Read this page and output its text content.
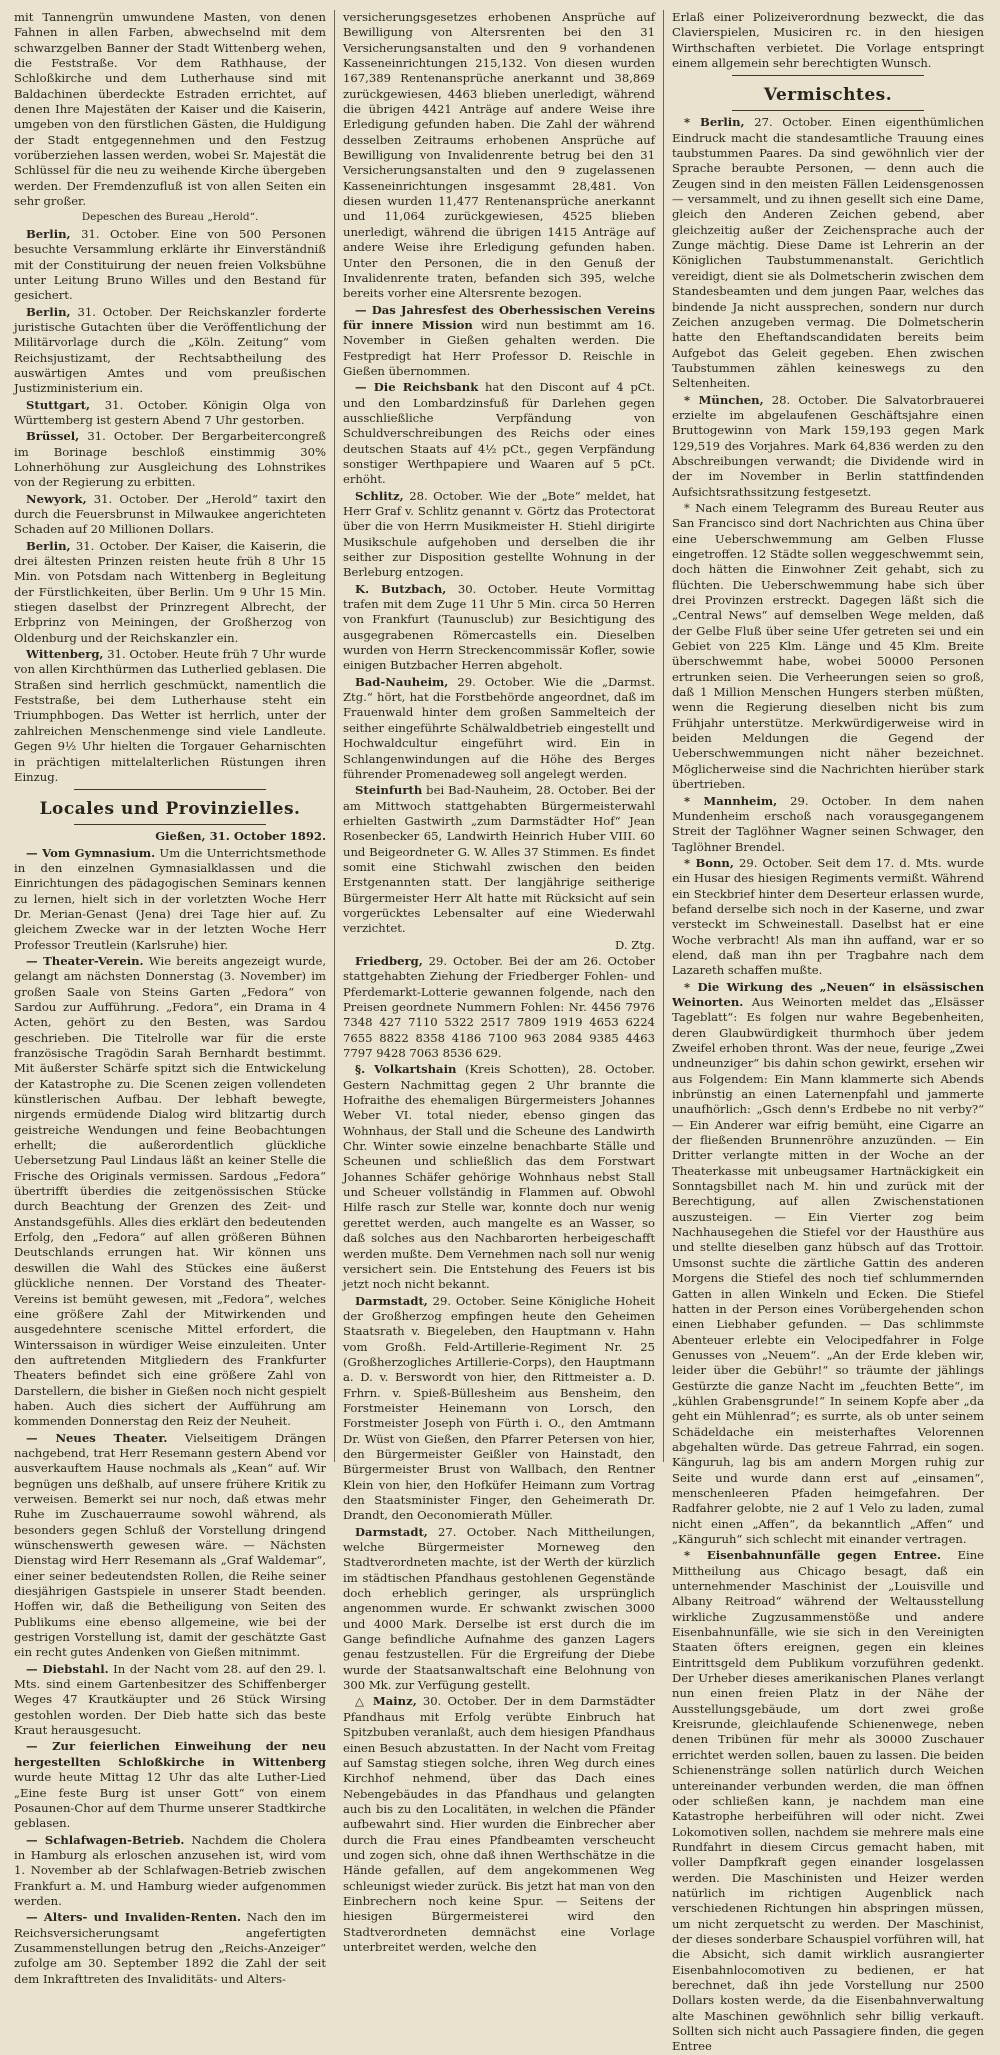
mit Tannengrün umwundene Masten, von denen Fahnen in allen Farben, abwechselnd mit dem schwarzgelben Banner der Stadt Wittenberg wehen, die Feststraße. Vor dem Rathhause, der Schloßkirche und dem Lutherhause sind mit Baldachinen überdeckte Estraden errichtet, auf denen Ihre Majestäten der Kaiser und die Kaiserin, umgeben von den fürstlichen Gästen, die Huldigung der Stadt entgegennehmen und den Festzug vorüberziehen lassen werden, wobei Sr. Majestät die Schlüssel für die neu zu weihende Kirche übergeben werden. Der Fremdenzufluß ist von allen Seiten ein sehr großer.

Depeschen des Bureau „Herold“.

Berlin, 31. October. Eine von 500 Personen besuchte Versammlung erklärte ihr Einverständniß mit der Constituirung der neuen freien Volksbühne unter Leitung Bruno Willes und den Bestand für gesichert.

Berlin, 31. October. Der Reichskanzler forderte juristische Gutachten über die Veröffentlichung der Militärvorlage durch die „Köln. Zeitung“ vom Reichsjustizamt, der Rechtsabtheilung des auswärtigen Amtes und vom preußischen Justizministerium ein.

Stuttgart, 31. October. Königin Olga von Württemberg ist gestern Abend 7 Uhr gestorben.

Brüssel, 31. October. Der Bergarbeitercongreß im Borinage beschloß einstimmig 30% Lohnerhöhung zur Ausgleichung des Lohnstrikes von der Regierung zu erbitten.

Newyork, 31. October. Der „Herold“ taxirt den durch die Feuersbrunst in Milwaukee angerichteten Schaden auf 20 Millionen Dollars.

Berlin, 31. October. Der Kaiser, die Kaiserin, die drei ältesten Prinzen reisten heute früh 8 Uhr 15 Min. von Potsdam nach Wittenberg in Begleitung der Fürstlichkeiten, über Berlin. Um 9 Uhr 15 Min. stiegen daselbst der Prinzregent Albrecht, der Erbprinz von Meiningen, der Großherzog von Oldenburg und der Reichskanzler ein.

Wittenberg, 31. October. Heute früh 7 Uhr wurde von allen Kirchthürmen das Lutherlied geblasen. Die Straßen sind herrlich geschmückt, namentlich die Feststraße, bei dem Lutherhause steht ein Triumphbogen. Das Wetter ist herrlich, unter der zahlreichen Menschenmenge sind viele Landleute. Gegen 9½ Uhr hielten die Torgauer Geharnischten in prächtigen mittelalterlichen Rüstungen ihren Einzug.

Locales und Provinzielles.

Gießen, 31. October 1892.

— Vom Gymnasium. Um die Unterrichtsmethode in den einzelnen Gymnasialklassen und die Einrichtungen des pädagogischen Seminars kennen zu lernen, hielt sich in der vorletzten Woche Herr Dr. Merian-Genast (Jena) drei Tage hier auf. Zu gleichem Zwecke war in der letzten Woche Herr Professor Treutlein (Karlsruhe) hier.

— Theater-Verein. Wie bereits angezeigt wurde, gelangt am nächsten Donnerstag (3. November) im großen Saale von Steins Garten „Fedora“ von Sardou zur Aufführung. „Fedora“, ein Drama in 4 Acten, gehört zu den Besten, was Sardou geschrieben. Die Titelrolle war für die erste französische Tragödin Sarah Bernhardt bestimmt. Mit äußerster Schärfe spitzt sich die Entwickelung der Katastrophe zu. Die Scenen zeigen vollendeten künstlerischen Aufbau. Der lebhaft bewegte, nirgends ermüdende Dialog wird blitzartig durch geistreiche Wendungen und feine Beobachtungen erhellt; die außerordentlich glückliche Uebersetzung Paul Lindaus läßt an keiner Stelle die Frische des Originals vermissen. Sardous „Fedora“ übertrifft überdies die zeitgenössischen Stücke durch Beachtung der Grenzen des Zeit- und Anstandsgefühls. Alles dies erklärt den bedeutenden Erfolg, den „Fedora“ auf allen größeren Bühnen Deutschlands errungen hat. Wir können uns deswillen die Wahl des Stückes eine äußerst glückliche nennen. Der Vorstand des Theater-Vereins ist bemüht gewesen, mit „Fedora“, welches eine größere Zahl der Mitwirkenden und ausgedehntere scenische Mittel erfordert, die Winterssaison in würdiger Weise einzuleiten. Unter den auftretenden Mitgliedern des Frankfurter Theaters befindet sich eine größere Zahl von Darstellern, die bisher in Gießen noch nicht gespielt haben. Auch dies sichert der Aufführung am kommenden Donnerstag den Reiz der Neuheit.

— Neues Theater. Vielseitigem Drängen nachgebend, trat Herr Resemann gestern Abend vor ausverkauftem Hause nochmals als „Kean“ auf. Wir begnügen uns deßhalb, auf unsere frühere Kritik zu verweisen. Bemerkt sei nur noch, daß etwas mehr Ruhe im Zuschauerraume sowohl während, als besonders gegen Schluß der Vorstellung dringend wünschenswerth gewesen wäre. — Nächsten Dienstag wird Herr Resemann als „Graf Waldemar“, einer seiner bedeutendsten Rollen, die Reihe seiner diesjährigen Gastspiele in unserer Stadt beenden. Hoffen wir, daß die Betheiligung von Seiten des Publikums eine ebenso allgemeine, wie bei der gestrigen Vorstellung ist, damit der geschätzte Gast ein recht gutes Andenken von Gießen mitnimmt.

— Diebstahl. In der Nacht vom 28. auf den 29. l. Mts. sind einem Gartenbesitzer des Schiffenberger Weges 47 Krautkäupter und 26 Stück Wirsing gestohlen worden. Der Dieb hatte sich das beste Kraut herausgesucht.

— Zur feierlichen Einweihung der neu hergestellten Schloßkirche in Wittenberg wurde heute Mittag 12 Uhr das alte Luther-Lied „Eine feste Burg ist unser Gott“ von einem Posaunen-Chor auf dem Thurme unserer Stadtkirche geblasen.

— Schlafwagen-Betrieb. Nachdem die Cholera in Hamburg als erloschen anzusehen ist, wird vom 1. November ab der Schlafwagen-Betrieb zwischen Frankfurt a. M. und Hamburg wieder aufgenommen werden.

— Alters- und Invaliden-Renten. Nach den im Reichsversicherungsamt angefertigten Zusammenstellungen betrug den „Reichs-Anzeiger“ zufolge am 30. September 1892 die Zahl der seit dem Inkrafttreten des Invaliditäts- und Alters-

versicherungsgesetzes erhobenen Ansprüche auf Bewilligung von Altersrenten bei den 31 Versicherungsanstalten und den 9 vorhandenen Kasseneinrichtungen 215,132. Von diesen wurden 167,389 Rentenansprüche anerkannt und 38,869 zurückgewiesen, 4463 blieben unerledigt, während die übrigen 4421 Anträge auf andere Weise ihre Erledigung gefunden haben. Die Zahl der während desselben Zeitraums erhobenen Ansprüche auf Bewilligung von Invalidenrente betrug bei den 31 Versicherungsanstalten und den 9 zugelassenen Kasseneinrichtungen insgesammt 28,481. Von diesen wurden 11,477 Rentenansprüche anerkannt und 11,064 zurückgewiesen, 4525 blieben unerledigt, während die übrigen 1415 Anträge auf andere Weise ihre Erledigung gefunden haben. Unter den Personen, die in den Genuß der Invalidenrente traten, befanden sich 395, welche bereits vorher eine Altersrente bezogen.

— Das Jahresfest des Oberhessischen Vereins für innere Mission wird nun bestimmt am 16. November in Gießen gehalten werden. Die Festpredigt hat Herr Professor D. Reischle in Gießen übernommen.

— Die Reichsbank hat den Discont auf 4 pCt. und den Lombardzinsfuß für Darlehen gegen ausschließliche Verpfändung von Schuldverschreibungen des Reichs oder eines deutschen Staats auf 4½ pCt., gegen Verpfändung sonstiger Werthpapiere und Waaren auf 5 pCt. erhöht.

Schlitz, 28. October. Wie der „Bote“ meldet, hat Herr Graf v. Schlitz genannt v. Görtz das Protectorat über die von Herrn Musikmeister H. Stiehl dirigirte Musikschule aufgehoben und derselben die ihr seither zur Disposition gestellte Wohnung in der Berleburg entzogen.

K. Butzbach, 30. October. Heute Vormittag trafen mit dem Zuge 11 Uhr 5 Min. circa 50 Herren von Frankfurt (Taunusclub) zur Besichtigung des ausgegrabenen Römercastells ein. Dieselben wurden von Herrn Streckencommissär Kofler, sowie einigen Butzbacher Herren abgeholt.

Bad-Nauheim, 29. October. Wie die „Darmst. Ztg.“ hört, hat die Forstbehörde angeordnet, daß im Frauenwald hinter dem großen Sammelteich der seither eingeführte Schälwaldbetrieb eingestellt und Hochwaldcultur eingeführt wird. Ein in Schlangenwindungen auf die Höhe des Berges führender Promenadeweg soll angelegt werden.

Steinfurth bei Bad-Nauheim, 28. October. Bei der am Mittwoch stattgehabten Bürgermeisterwahl erhielten Gastwirth „zum Darmstädter Hof“ Jean Rosenbecker 65, Landwirth Heinrich Huber VIII. 60 und Beigeordneter G. W. Alles 37 Stimmen. Es findet somit eine Stichwahl zwischen den beiden Erstgenannten statt. Der langjährige seitherige Bürgermeister Herr Alt hatte mit Rücksicht auf sein vorgerücktes Lebensalter auf eine Wiederwahl verzichtet.

D. Ztg.

Friedberg, 29. October. Bei der am 26. October stattgehabten Ziehung der Friedberger Fohlen- und Pferdemarkt-Lotterie gewannen folgende, nach den Preisen geordnete Nummern Fohlen: Nr. 4456 7976 7348 427 7110 5322 2517 7809 1919 4653 6224 7655 8822 8358 4186 7100 963 2084 9385 4463 7797 9428 7063 8536 629.

§. Volkartshain (Kreis Schotten), 28. October. Gestern Nachmittag gegen 2 Uhr brannte die Hofraithe des ehemaligen Bürgermeisters Johannes Weber VI. total nieder, ebenso gingen das Wohnhaus, der Stall und die Scheune des Landwirth Chr. Winter sowie einzelne benachbarte Ställe und Scheunen und schließlich das dem Forstwart Johannes Schäfer gehörige Wohnhaus nebst Stall und Scheuer vollständig in Flammen auf. Obwohl Hilfe rasch zur Stelle war, konnte doch nur wenig gerettet werden, auch mangelte es an Wasser, so daß solches aus den Nachbarorten herbeigeschafft werden mußte. Dem Vernehmen nach soll nur wenig versichert sein. Die Entstehung des Feuers ist bis jetzt noch nicht bekannt.

Darmstadt, 29. October. Seine Königliche Hoheit der Großherzog empfingen heute den Geheimen Staatsrath v. Biegeleben, den Hauptmann v. Hahn vom Großh. Feld-Artillerie-Regiment Nr. 25 (Großherzogliches Artillerie-Corps), den Hauptmann a. D. v. Berswordt von hier, den Rittmeister a. D. Frhrn. v. Spieß-Büllesheim aus Bensheim, den Forstmeister Heinemann von Lorsch, den Forstmeister Joseph von Fürth i. O., den Amtmann Dr. Wüst von Gießen, den Pfarrer Petersen von hier, den Bürgermeister Geißler von Hainstadt, den Bürgermeister Brust von Wallbach, den Rentner Klein von hier, den Hofküfer Heimann zum Vortrag den Staatsminister Finger, den Geheimerath Dr. Drandt, den Oeconomierath Müller.

Darmstadt, 27. October. Nach Mittheilungen, welche Bürgermeister Morneweg den Stadtverordneten machte, ist der Werth der kürzlich im städtischen Pfandhaus gestohlenen Gegenstände doch erheblich geringer, als ursprünglich angenommen wurde. Er schwankt zwischen 3000 und 4000 Mark. Derselbe ist erst durch die im Gange befindliche Aufnahme des ganzen Lagers genau festzustellen. Für die Ergreifung der Diebe wurde der Staatsanwaltschaft eine Belohnung von 300 Mk. zur Verfügung gestellt.

△ Mainz, 30. October. Der in dem Darmstädter Pfandhaus mit Erfolg verübte Einbruch hat Spitzbuben veranlaßt, auch dem hiesigen Pfandhaus einen Besuch abzustatten. In der Nacht vom Freitag auf Samstag stiegen solche, ihren Weg durch eines Kirchhof nehmend, über das Dach eines Nebengebäudes in das Pfandhaus und gelangten auch bis zu den Localitäten, in welchen die Pfänder aufbewahrt sind. Hier wurden die Einbrecher aber durch die Frau eines Pfandbeamten verscheucht und zogen sich, ohne daß ihnen Werthschätze in die Hände gefallen, auf dem angekommenen Weg schleunigst wieder zurück. Bis jetzt hat man von den Einbrechern noch keine Spur. — Seitens der hiesigen Bürgermeisterei wird den Stadtverordneten demnächst eine Vorlage unterbreitet werden, welche den

Erlaß einer Polizeiverordnung bezweckt, die das Clavierspielen, Musiciren rc. in den hiesigen Wirthschaften verbietet. Die Vorlage entspringt einem allgemein sehr berechtigten Wunsch.

Vermischtes.

* Berlin, 27. October. Einen eigenthümlichen Eindruck macht die standesamtliche Trauung eines taubstummen Paares. Da sind gewöhnlich vier der Sprache beraubte Personen, — denn auch die Zeugen sind in den meisten Fällen Leidensgenossen — versammelt, und zu ihnen gesellt sich eine Dame, gleich den Anderen Zeichen gebend, aber gleichzeitig außer der Zeichensprache auch der Zunge mächtig. Diese Dame ist Lehrerin an der Königlichen Taubstummenanstalt. Gerichtlich vereidigt, dient sie als Dolmetscherin zwischen dem Standesbeamten und dem jungen Paar, welches das bindende Ja nicht aussprechen, sondern nur durch Zeichen anzugeben vermag. Die Dolmetscherin hatte den Eheftandscandidaten bereits beim Aufgebot das Geleit gegeben. Ehen zwischen Taubstummen zählen keineswegs zu den Seltenheiten.

* München, 28. October. Die Salvatorbrauerei erzielte im abgelaufenen Geschäftsjahre einen Bruttogewinn von Mark 159,193 gegen Mark 129,519 des Vorjahres. Mark 64,836 werden zu den Abschreibungen verwandt; die Dividende wird in der im November in Berlin stattfindenden Aufsichtsrathssitzung festgesetzt.

* Nach einem Telegramm des Bureau Reuter aus San Francisco sind dort Nachrichten aus China über eine Ueberschwemmung am Gelben Flusse eingetroffen. 12 Städte sollen weggeschwemmt sein, doch hätten die Einwohner Zeit gehabt, sich zu flüchten. Die Ueberschwemmung habe sich über drei Provinzen erstreckt. Dagegen läßt sich die „Central News“ auf demselben Wege melden, daß der Gelbe Fluß über seine Ufer getreten sei und ein Gebiet von 225 Klm. Länge und 45 Klm. Breite überschwemmt habe, wobei 50000 Personen ertrunken seien. Die Verheerungen seien so groß, daß 1 Million Menschen Hungers sterben müßten, wenn die Regierung dieselben nicht bis zum Frühjahr unterstütze. Merkwürdigerweise wird in beiden Meldungen die Gegend der Ueberschwemmungen nicht näher bezeichnet. Möglicherweise sind die Nachrichten hierüber stark übertrieben.

* Mannheim, 29. October. In dem nahen Mundenheim erschoß nach vorausgegangenem Streit der Taglöhner Wagner seinen Schwager, den Taglöhner Brendel.

* Bonn, 29. October. Seit dem 17. d. Mts. wurde ein Husar des hiesigen Regiments vermißt. Während ein Steckbrief hinter dem Deserteur erlassen wurde, befand derselbe sich noch in der Kaserne, und zwar versteckt im Schweinestall. Daselbst hat er eine Woche verbracht! Als man ihn auffand, war er so elend, daß man ihn per Tragbahre nach dem Lazareth schaffen mußte.

* Die Wirkung des „Neuen“ in elsässischen Weinorten. Aus Weinorten meldet das „Elsässer Tageblatt“: Es folgen nur wahre Begebenheiten, deren Glaubwürdigkeit thurmhoch über jedem Zweifel erhoben thront. Was der neue, feurige „Zwei undneunziger“ bis dahin schon gewirkt, ersehen wir aus Folgendem: Ein Mann klammerte sich Abends inbrünstig an einen Laternenpfahl und jammerte unaufhörlich: „Gsch denn's Erdbebe no nit verby?“ — Ein Anderer war eifrig bemüht, eine Cigarre an der fließenden Brunnenröhre anzuzünden. — Ein Dritter verlangte mitten in der Woche an der Theaterkasse mit unbeugsamer Hartnäckigkeit ein Sonntagsbillet nach M. hin und zurück mit der Berechtigung, auf allen Zwischenstationen auszusteigen. — Ein Vierter zog beim Nachhausegehen die Stiefel vor der Hausthüre aus und stellte dieselben ganz hübsch auf das Trottoir. Umsonst suchte die zärtliche Gattin des anderen Morgens die Stiefel des noch tief schlummernden Gatten in allen Winkeln und Ecken. Die Stiefel hatten in der Person eines Vorübergehenden schon einen Liebhaber gefunden. — Das schlimmste Abenteuer erlebte ein Velocipedfahrer in Folge Genusses von „Neuem“. „An der Erde kleben wir, leider über die Gebühr!“ so träumte der jählings Gestürzte die ganze Nacht im „feuchten Bette“, im „kühlen Grabensgrunde!“ In seinem Kopfe aber „da geht ein Mühlenrad“; es surrte, als ob unter seinem Schädeldache ein meisterhaftes Velorennen abgehalten würde. Das getreue Fahrrad, ein sogen. Känguruh, lag bis am andern Morgen ruhig zur Seite und wurde dann erst auf „einsamen“, menschenleeren Pfaden heimgefahren. Der Radfahrer gelobte, nie 2 auf 1 Velo zu laden, zumal nicht einen „Affen“, da bekanntlich „Affen“ und „Känguruh“ sich schlecht mit einander vertragen.

* Eisenbahnunfälle gegen Entree. Eine Mittheilung aus Chicago besagt, daß ein unternehmender Maschinist der „Louisville und Albany Reitroad“ während der Weltausstellung wirkliche Zugzusammenstöße und andere Eisenbahnunfälle, wie sie sich in den Vereinigten Staaten öfters ereignen, gegen ein kleines Eintrittsgeld dem Publikum vorzuführen gedenkt. Der Urheber dieses amerikanischen Planes verlangt nun einen freien Platz in der Nähe der Ausstellungsgebäude, um dort zwei große Kreisrunde, gleichlaufende Schienenwege, neben denen Tribünen für mehr als 30000 Zuschauer errichtet werden sollen, bauen zu lassen. Die beiden Schienenstränge sollen natürlich durch Weichen untereinander verbunden werden, die man öffnen oder schließen kann, je nachdem man eine Katastrophe herbeiführen will oder nicht. Zwei Lokomotiven sollen, nachdem sie mehrere mals eine Rundfahrt in diesem Circus gemacht haben, mit voller Dampfkraft gegen einander losgelassen werden. Die Maschinisten und Heizer werden natürlich im richtigen Augenblick nach verschiedenen Richtungen hin abspringen müssen, um nicht zerquetscht zu werden. Der Maschinist, der dieses sonderbare Schauspiel vorführen will, hat die Absicht, sich damit wirklich ausrangierter Eisenbahnlocomotiven zu bedienen, er hat berechnet, daß ihn jede Vorstellung nur 2500 Dollars kosten werde, da die Eisenbahnverwaltung alte Maschinen gewöhnlich sehr billig verkauft. Sollten sich nicht auch Passagiere finden, die gegen Entree
